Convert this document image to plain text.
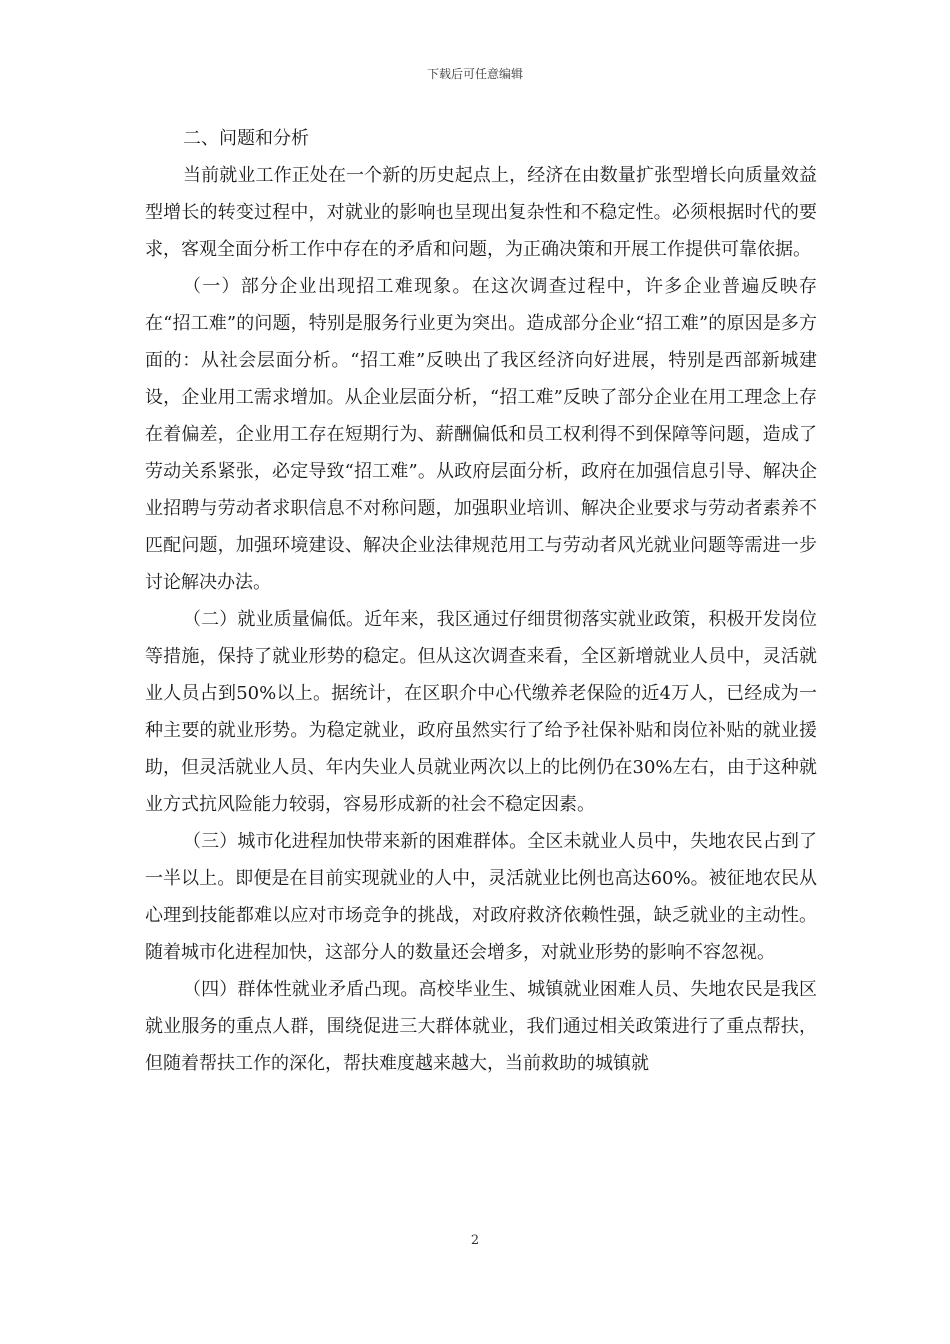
下载后可任意编辑
二、问题和分析

当前就业工作正处在一个新的历史起点上，经济在由数量扩张型增长向质量效益型增长的转变过程中，对就业的影响也呈现出复杂性和不稳定性。必须根据时代的要求，客观全面分析工作中存在的矛盾和问题，为正确决策和开展工作提供可靠依据。

（一）部分企业出现招工难现象。在这次调查过程中，许多企业普遍反映存在“招工难”的问题，特别是服务行业更为突出。造成部分企业“招工难”的原因是多方面的：从社会层面分析。“招工难”反映出了我区经济向好进展，特别是西部新城建设，企业用工需求增加。从企业层面分析，“招工难”反映了部分企业在用工理念上存在着偏差，企业用工存在短期行为、薪酬偏低和员工权利得不到保障等问题，造成了劳动关系紧张，必定导致“招工难”。从政府层面分析，政府在加强信息引导、解决企业招聘与劳动者求职信息不对称问题，加强职业培训、解决企业要求与劳动者素养不匹配问题，加强环境建设、解决企业法律规范用工与劳动者风光就业问题等需进一步讨论解决办法。

（二）就业质量偏低。近年来，我区通过仔细贯彻落实就业政策，积极开发岗位等措施，保持了就业形势的稳定。但从这次调查来看，全区新增就业人员中，灵活就业人员占到50%以上。据统计，在区职介中心代缴养老保险的近4万人，已经成为一种主要的就业形势。为稳定就业，政府虽然实行了给予社保补贴和岗位补贴的就业援助，但灵活就业人员、年内失业人员就业两次以上的比例仍在30%左右，由于这种就业方式抗风险能力较弱，容易形成新的社会不稳定因素。

（三）城市化进程加快带来新的困难群体。全区未就业人员中，失地农民占到了一半以上。即便是在目前实现就业的人中，灵活就业比例也高达60%。被征地农民从心理到技能都难以应对市场竞争的挑战，对政府救济依赖性强，缺乏就业的主动性。随着城市化进程加快，这部分人的数量还会增多，对就业形势的影响不容忽视。

（四）群体性就业矛盾凸现。高校毕业生、城镇就业困难人员、失地农民是我区就业服务的重点人群，围绕促进三大群体就业，我们通过相关政策进行了重点帮扶，但随着帮扶工作的深化，帮扶难度越来越大，当前救助的城镇就

2
